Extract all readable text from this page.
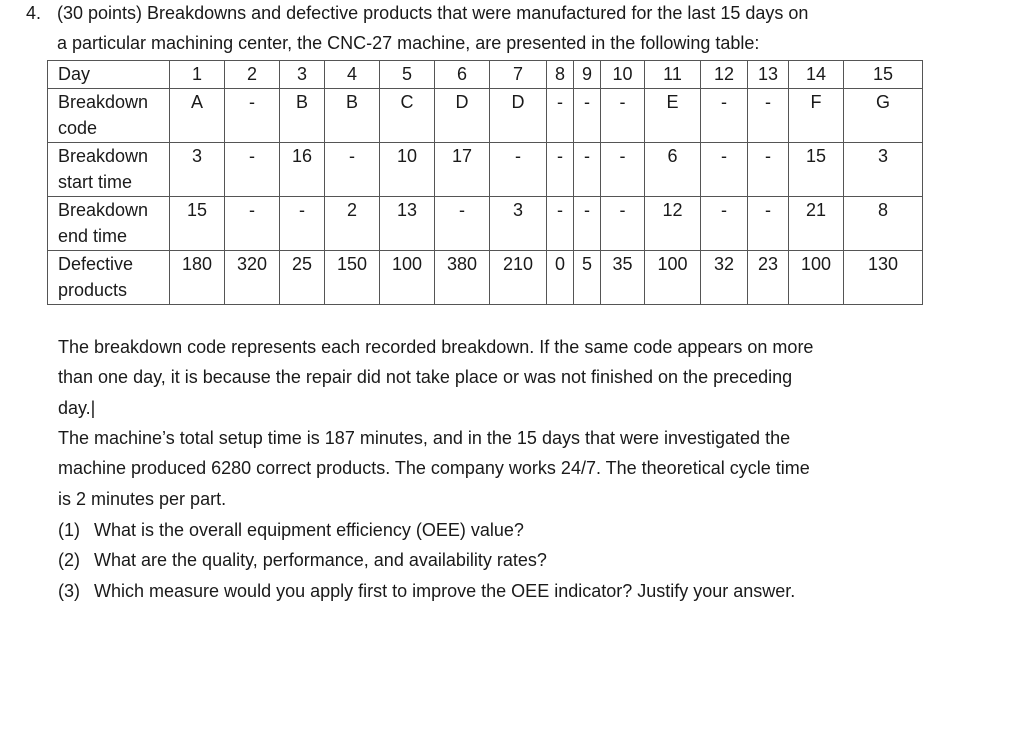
4. (30 points) Breakdowns and defective products that were manufactured for the last 15 days on
a particular machining center, the CNC-27 machine, are presented in the following table:
Day	1	2	3	4	5	6	7	8	9	10	11	12	13	14	15
Breakdown code	A	-	B	B	C	D	D	-	-	-	E	-	-	F	G
Breakdown start time	3	-	16	-	10	17	-	-	-	-	6	-	-	15	3
Breakdown end time	15	-	-	2	13	-	3	-	-	-	12	-	-	21	8
Defective products	180	320	25	150	100	380	210	0	5	35	100	32	23	100	130
The breakdown code represents each recorded breakdown. If the same code appears on more
than one day, it is because the repair did not take place or was not finished on the preceding
day.|
The machine’s total setup time is 187 minutes, and in the 15 days that were investigated the
machine produced 6280 correct products. The company works 24/7. The theoretical cycle time
is 2 minutes per part.
(1) What is the overall equipment efficiency (OEE) value?
(2) What are the quality, performance, and availability rates?
(3) Which measure would you apply first to improve the OEE indicator? Justify your answer.
